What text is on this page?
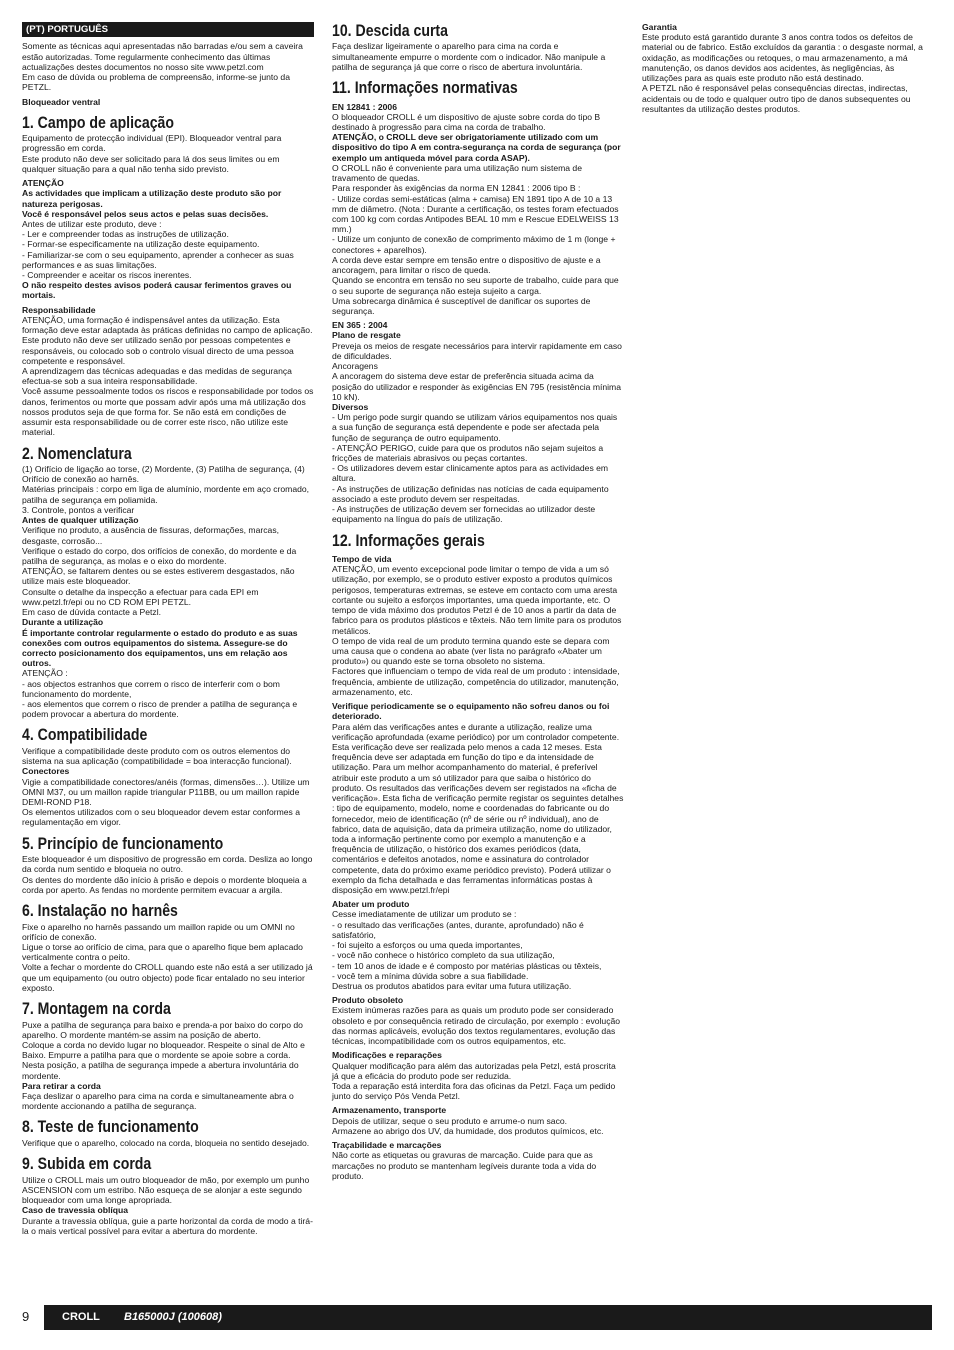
(PT) PORTUGUÊS

Somente as técnicas aqui apresentadas não barradas e/ou sem a caveira estão autorizadas. Tome regularmente conhecimento das últimas actualizações destes documentos no nosso site www.petzl.com

Em caso de dúvida ou problema de compreensão, informe-se junto da PETZL.

Bloqueador ventral

1. Campo de aplicação

Equipamento de protecção individual (EPI). Bloqueador ventral para progressão em corda.

Este produto não deve ser solicitado para lá dos seus limites ou em qualquer situação para a qual não tenha sido previsto.

ATENÇÃO

As actividades que implicam a utilização deste produto são por natureza perigosas.

Você é responsável pelos seus actos e pelas suas decisões.

Antes de utilizar este produto, deve :

- Ler e compreender todas as instruções de utilização.

- Formar-se especificamente na utilização deste equipamento.

- Familiarizar-se com o seu equipamento, aprender a conhecer as suas performances e as suas limitações.

- Compreender e aceitar os riscos inerentes.

O não respeito destes avisos poderá causar ferimentos graves ou mortais.

Responsabilidade

ATENÇÃO, uma formação é indispensável antes da utilização. Esta formação deve estar adaptada às práticas definidas no campo de aplicação.

Este produto não deve ser utilizado senão por pessoas competentes e responsáveis, ou colocado sob o controlo visual directo de uma pessoa competente e responsável.

A aprendizagem das técnicas adequadas e das medidas de segurança efectua-se sob a sua inteira responsabilidade.

Você assume pessoalmente todos os riscos e responsabilidade por todos os danos, ferimentos ou morte que possam advir após uma má utilização dos nossos produtos seja de que forma for. Se não está em condições de assumir esta responsabilidade ou de correr este risco, não utilize este material.

2. Nomenclatura

(1) Orifício de ligação ao torse, (2) Mordente, (3) Patilha de segurança, (4) Orifício de conexão ao harnês.

Matérias principais : corpo em liga de alumínio, mordente em aço cromado, patilha de segurança em poliamida.

3. Controle, pontos a verificar

Antes de qualquer utilização

Verifique no produto, a ausência de fissuras, deformações, marcas, desgaste, corrosão...

Verifique o estado do corpo, dos orifícios de conexão, do mordente e da patilha de segurança, as molas e o eixo do mordente.

ATENÇÃO, se faltarem dentes ou se estes estiverem desgastados, não utilize mais este bloqueador.

Consulte o detalhe da inspecção a efectuar para cada EPI em www.petzl.fr/epi ou no CD ROM EPI PETZL.

Em caso de dúvida contacte a Petzl.

Durante a utilização

É importante controlar regularmente o estado do produto e as suas conexões com outros equipamentos do sistema. Assegure-se do correcto posicionamento dos equipamentos, uns em relação aos outros.

ATENÇÃO :

- aos objectos estranhos que correm o risco de interferir com o bom funcionamento do mordente,

- aos elementos que correm o risco de prender a patilha de segurança e podem provocar a abertura do mordente.

4. Compatibilidade

Verifique a compatibilidade deste produto com os outros elementos do sistema na sua aplicação (compatibilidade = boa interacção funcional).

Conectores

Vigie a compatibilidade conectores/anéis (formas, dimensões…). Utilize um OMNI M37, ou um maillon rapide triangular P11BB, ou um maillon rapide DEMI-ROND P18.

Os elementos utilizados com o seu bloqueador devem estar conformes a regulamentação em vigor.

5. Princípio de funcionamento

Este bloqueador é um dispositivo de progressão em corda. Desliza ao longo da corda num sentido e bloqueia no outro.

Os dentes do mordente dão início à prisão e depois o mordente bloqueia a corda por aperto. As fendas no mordente permitem evacuar a argila.

6. Instalação no harnês

Fixe o aparelho no harnês passando um maillon rapide ou um OMNI no orifício de conexão.

Ligue o torse ao orifício de cima, para que o aparelho fique bem aplacado verticalmente contra o peito.

Volte a fechar o mordente do CROLL quando este não está a ser utilizado já que um equipamento (ou outro objecto) pode ficar entalado no seu interior exposto.

7. Montagem na corda

Puxe a patilha de segurança para baixo e prenda-a por baixo do corpo do aparelho. O mordente mantém-se assim na posição de aberto.

Coloque a corda no devido lugar no bloqueador. Respeite o sinal de Alto e Baixo. Empurre a patilha para que o mordente se apoie sobre a corda. Nesta posição, a patilha de segurança impede a abertura involuntária do mordente.

Para retirar a corda

Faça deslizar o aparelho para cima na corda e simultaneamente abra o mordente accionando a patilha de segurança.

8. Teste de funcionamento

Verifique que o aparelho, colocado na corda, bloqueia no sentido desejado.

9. Subida em corda

Utilize o CROLL mais um outro bloqueador de mão, por exemplo um punho ASCENSION com um estribo. Não esqueça de se alonjar a este segundo bloqueador com uma longe apropriada.

Caso de travessia oblíqua

Durante a travessia oblíqua, guie a parte horizontal da corda de modo a tirá-la o mais vertical possível para evitar a abertura do mordente.

10. Descida curta

Faça deslizar ligeiramente o aparelho para cima na corda e simultaneamente empurre o mordente com o indicador. Não manipule a patilha de segurança já que corre o risco de abertura involuntária.

11. Informações normativas

EN 12841 : 2006

O bloqueador CROLL é um dispositivo de ajuste sobre corda do tipo B destinado à progressão para cima na corda de trabalho.

ATENÇÃO, o CROLL deve ser obrigatoriamente utilizado com um dispositivo do tipo A em contra-segurança na corda de segurança (por exemplo um antiqueda móvel para corda ASAP).

O CROLL não é conveniente para uma utilização num sistema de travamento de quedas.

Para responder às exigências da norma EN 12841 : 2006 tipo B :

- Utilize cordas semi-estáticas (alma + camisa) EN 1891 tipo A de 10 a 13 mm de diâmetro. (Nota : Durante a certificação, os testes foram efectuados com 100 kg com cordas Antipodes BEAL 10 mm e Rescue EDELWEISS 13 mm.)

- Utilize um conjunto de conexão de comprimento máximo de 1 m (longe + conectores + aparelhos).

A corda deve estar sempre em tensão entre o dispositivo de ajuste e a ancoragem, para limitar o risco de queda.

Quando se encontra em tensão no seu suporte de trabalho, cuide para que o seu suporte de segurança não esteja sujeito a carga.

Uma sobrecarga dinâmica é susceptível de danificar os suportes de segurança.

EN 365 : 2004

Plano de resgate

Preveja os meios de resgate necessários para intervir rapidamente em caso de dificuldades.

Ancoragens

A ancoragem do sistema deve estar de preferência situada acima da posição do utilizador e responder às exigências EN 795 (resistência mínima 10 kN).

Diversos

- Um perigo pode surgir quando se utilizam vários equipamentos nos quais a sua função de segurança está dependente e pode ser afectada pela função de segurança de outro equipamento.

- ATENÇÃO PERIGO, cuide para que os produtos não sejam sujeitos a fricções de materiais abrasivos ou peças cortantes.

- Os utilizadores devem estar clinicamente aptos para as actividades em altura.

- As instruções de utilização definidas nas notícias de cada equipamento associado a este produto devem ser respeitadas.

- As instruções de utilização devem ser fornecidas ao utilizador deste equipamento na língua do país de utilização.

12. Informações gerais

Tempo de vida

ATENÇÃO, um evento excepcional pode limitar o tempo de vida a um só utilização, por exemplo, se o produto estiver exposto a produtos químicos perigosos, temperaturas extremas, se esteve em contacto com uma aresta cortante ou sujeito a esforços importantes, uma queda importante, etc. O tempo de vida máximo dos produtos Petzl é de 10 anos a partir da data de fabrico para os produtos plásticos e têxteis. Não tem limite para os produtos metálicos.

O tempo de vida real de um produto termina quando este se depara com uma causa que o condena ao abate (ver lista no parágrafo «Abater um produto») ou quando este se torna obsoleto no sistema.

Factores que influenciam o tempo de vida real de um produto : intensidade, frequência, ambiente de utilização, competência do utilizador, manutenção, armazenamento, etc.

Verifique periodicamente se o equipamento não sofreu danos ou foi deteriorado.

Para além das verificações antes e durante a utilização, realize uma verificação aprofundada (exame periódico) por um controlador competente. Esta verificação deve ser realizada pelo menos a cada 12 meses. Esta frequência deve ser adaptada em função do tipo e da intensidade de utilização. Para um melhor acompanhamento do material, é preferível atribuir este produto a um só utilizador para que saiba o histórico do produto. Os resultados das verificações devem ser registados na «ficha de verificação». Esta ficha de verificação permite registar os seguintes detalhes : tipo de equipamento, modelo, nome e coordenadas do fabricante ou do fornecedor, meio de identificação (nº de série ou nº individual), ano de fabrico, data de aquisição, data da primeira utilização, nome do utilizador, toda a informação pertinente como por exemplo a manutenção e a frequência de utilização, o histórico dos exames periódicos (data, comentários e defeitos anotados, nome e assinatura do controlador competente, data do próximo exame periódico previsto). Poderá utilizar o exemplo da ficha detalhada e das ferramentas informáticas postas à disposição em www.petzl.fr/epi

Abater um produto

Cesse imediatamente de utilizar um produto se :

- o resultado das verificações (antes, durante, aprofundado) não é satisfatório,

- foi sujeito a esforços ou uma queda importantes,

- você não conhece o histórico completo da sua utilização,

- tem 10 anos de idade e é composto por matérias plásticas ou têxteis,

- você tem a mínima dúvida sobre a sua fiabilidade.

Destrua os produtos abatidos para evitar uma futura utilização.

Produto obsoleto

Existem inúmeras razões para as quais um produto pode ser considerado obsoleto e por consequência retirado de circulação, por exemplo : evolução das normas aplicáveis, evolução dos textos regulamentares, evolução das técnicas, incompatibilidade com os outros equipamentos, etc.

Modificações e reparações

Qualquer modificação para além das autorizadas pela Petzl, está proscrita já que a eficácia do produto pode ser reduzida.

Toda a reparação está interdita fora das oficinas da Petzl. Faça um pedido junto do serviço Pós Venda Petzl.

Armazenamento, transporte

Depois de utilizar, seque o seu produto e arrume-o num saco.

Armazene ao abrigo dos UV, da humidade, dos produtos químicos, etc.

Traçabilidade e marcações

Não corte as etiquetas ou gravuras de marcação. Cuide para que as marcações no produto se mantenham legíveis durante toda a vida do produto.

Garantia

Este produto está garantido durante 3 anos contra todos os defeitos de material ou de fabrico. Estão excluídos da garantia : o desgaste normal, a oxidação, as modificações ou retoques, o mau armazenamento, a má manutenção, os danos devidos aos acidentes, às negligências, às utilizações para as quais este produto não está destinado.

A PETZL não é responsável pelas consequências directas, indirectas, acidentais ou de todo e qualquer outro tipo de danos subsequentes ou resultantes da utilização destes produtos.

9	CROLL B165000J (100608)
